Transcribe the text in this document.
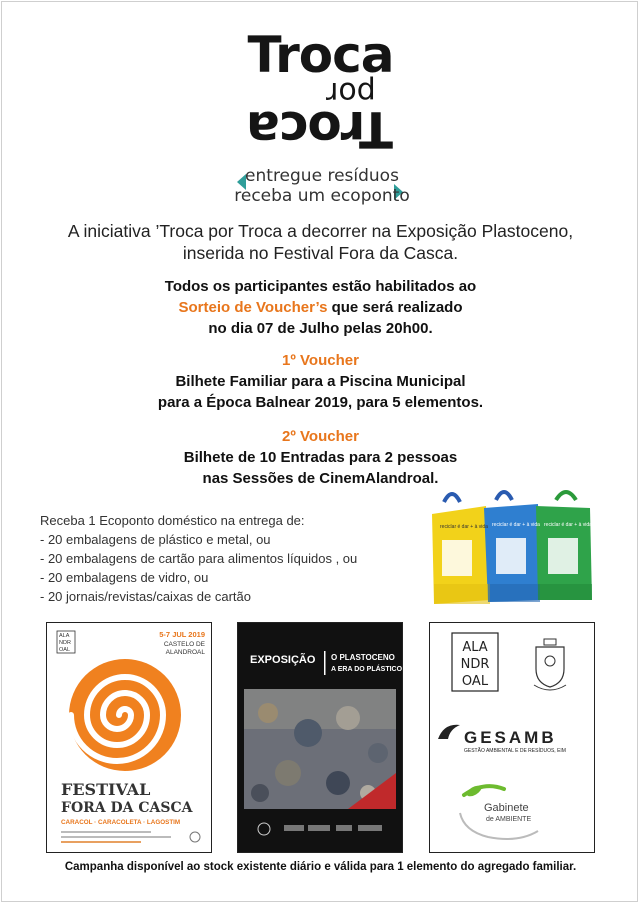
Troca
por
Troca
entregue resíduos
receba um ecoponto
A iniciativa ’Troca por Troca a decorrer na Exposição Plastoceno,
inserida no Festival Fora da Casca.
Todos os participantes estão habilitados ao
Sorteio de Voucher’s que será realizado
no dia 07 de Julho pelas 20h00.
1º Voucher
Bilhete Familiar para a Piscina Municipal
para a Época Balnear 2019, para 5 elementos.
2º Voucher
Bilhete de 10 Entradas para 2 pessoas
nas Sessões de CinemAlandroal.
Receba 1 Ecoponto doméstico na entrega de:
- 20 embalagens de plástico e metal, ou
- 20 embalagens de cartão para alimentos líquidos , ou
- 20 embalagens de vidro, ou
- 20 jornais/revistas/caixas de cartão
reciclar é dar + à vida reciclar é dar + à vida reciclar é dar + à vida
ALA
NDR
OAL
5-7 JUL 2019
CASTELO DE
ALANDROAL
FESTIVAL
FORA DA CASCA
CARACOL · CARACOLETA · LAGOSTIM
EXPOSIÇÃO O PLASTOCENO
A ERA DO PLÁSTICO
ALA
NDR
OAL
GESAMB
GESTÃO AMBIENTAL E DE RESÍDUOS, EIM
Gabinete
de AMBIENTE
Campanha disponível ao stock existente diário e válida para 1 elemento do agregado familiar.
